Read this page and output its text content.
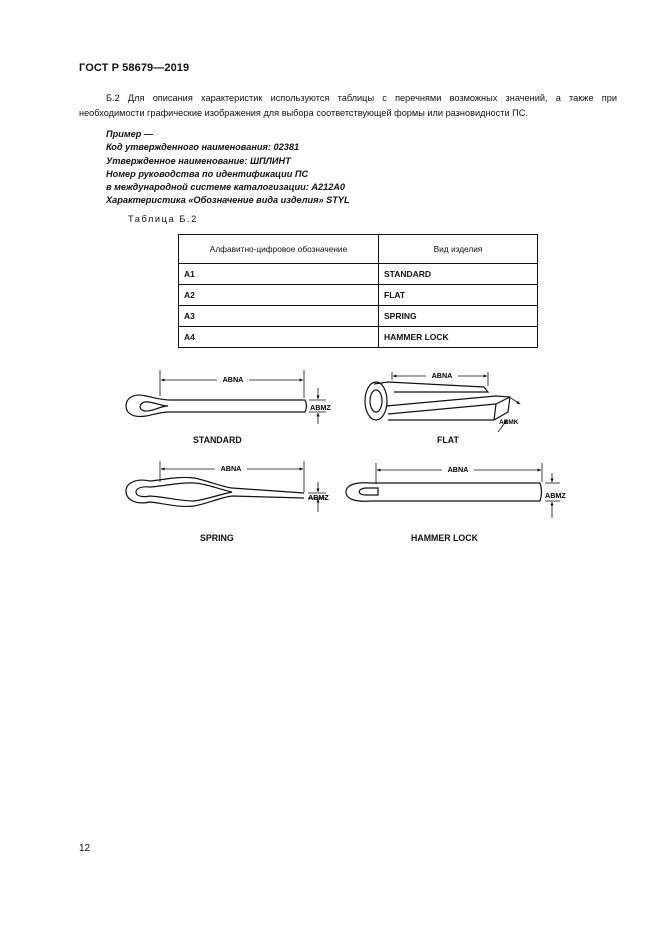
ГОСТ Р 58679—2019
Б.2 Для описания характеристик используются таблицы с перечнями возможных значений, а также при необходимости графические изображения для выбора соответствующей формы или разновидности ПС.
Пример —
Код утвержденного наименования: 02381
Утвержденное наименование: ШПЛИНТ
Номер руководства по идентификации ПС
в международной системе каталогизации: A212A0
Характеристика «Обозначение вида изделия» STYL
Таблица Б.2
Алфавитно-цифровое обозначение	Вид изделия
A1	STANDARD
A2	FLAT
A3	SPRING
A4	HAMMER LOCK
ABNA
ABMZ
ABNA
ABMK
ABNA
ABMZ
ABNA
ABMZ
STANDARD	FLAT
SPRING	HAMMER LOCK
12
